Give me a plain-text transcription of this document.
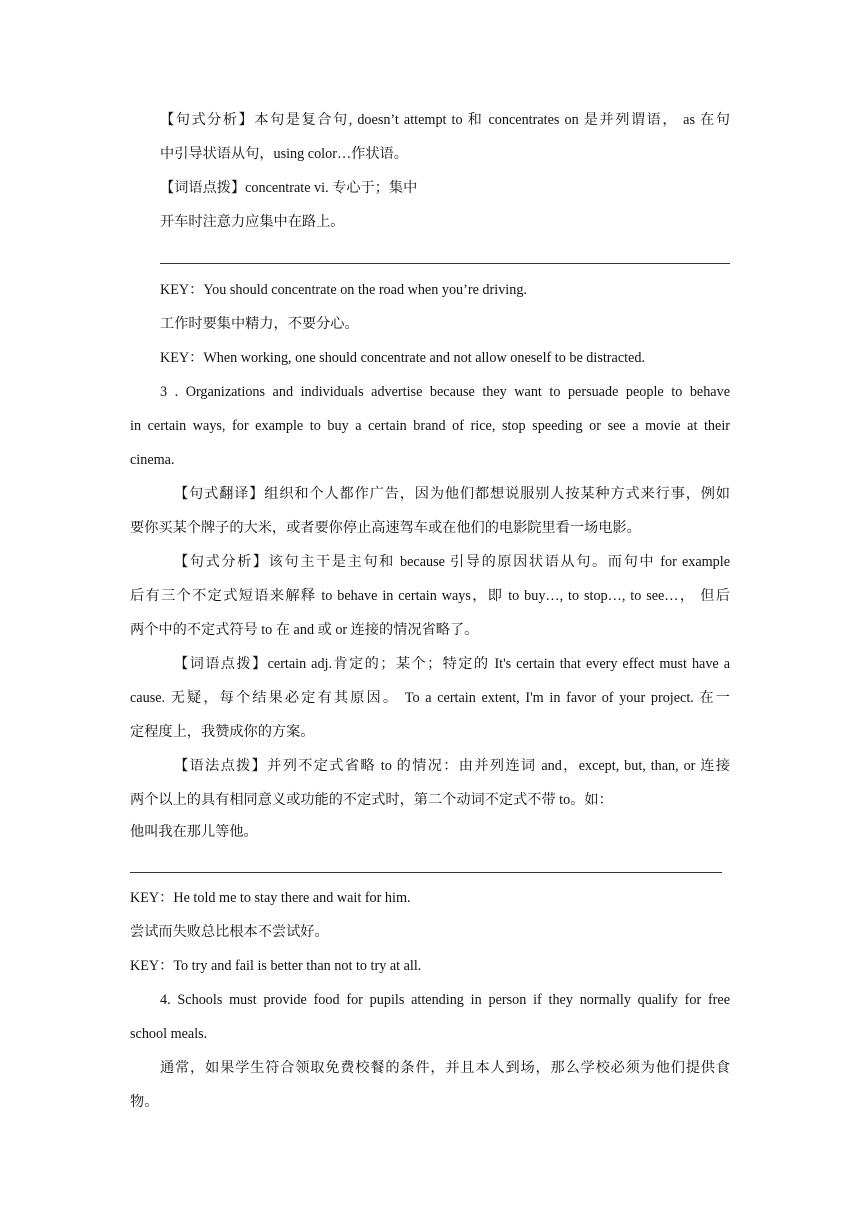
【句式分析】本句是复合句, doesn’t attempt to 和 concentrates on 是并列谓语， as 在句
中引导状语从句，using color…作状语。
【词语点拨】concentrate vi. 专心于；集中
开车时注意力应集中在路上。
KEY：You should concentrate on the road when you’re driving.
工作时要集中精力，不要分心。
KEY：When working, one should concentrate and not allow oneself to be distracted.
3 . Organizations and individuals advertise because they want to persuade people to behave
in certain ways, for example to buy a certain brand of rice, stop speeding or see a movie at their
cinema.
【句式翻译】组织和个人都作广告，因为他们都想说服别人按某种方式来行事，例如
要你买某个牌子的大米，或者要你停止高速驾车或在他们的电影院里看一场电影。
【句式分析】该句主干是主句和 because 引导的原因状语从句。而句中 for example
后有三个不定式短语来解释 to behave in certain ways，即 to buy…, to stop…, to see…， 但后
两个中的不定式符号 to 在 and 或 or 连接的情况省略了。
【词语点拨】certain adj.肯定的；某个；特定的 It's certain that every effect must have a
cause. 无疑，每个结果必定有其原因。 To a certain extent, I'm in favor of your project. 在一
定程度上，我赞成你的方案。
【语法点拨】并列不定式省略 to 的情况：由并列连词 and，except, but, than, or 连接
两个以上的具有相同意义或功能的不定式时，第二个动词不定式不带 to。如：
他叫我在那儿等他。
KEY：He told me to stay there and wait for him.
尝试而失败总比根本不尝试好。
KEY：To try and fail is better than not to try at all.
4. Schools must provide food for pupils attending in person if they normally qualify for free
school meals.
通常，如果学生符合领取免费校餐的条件，并且本人到场，那么学校必须为他们提供食
物。
